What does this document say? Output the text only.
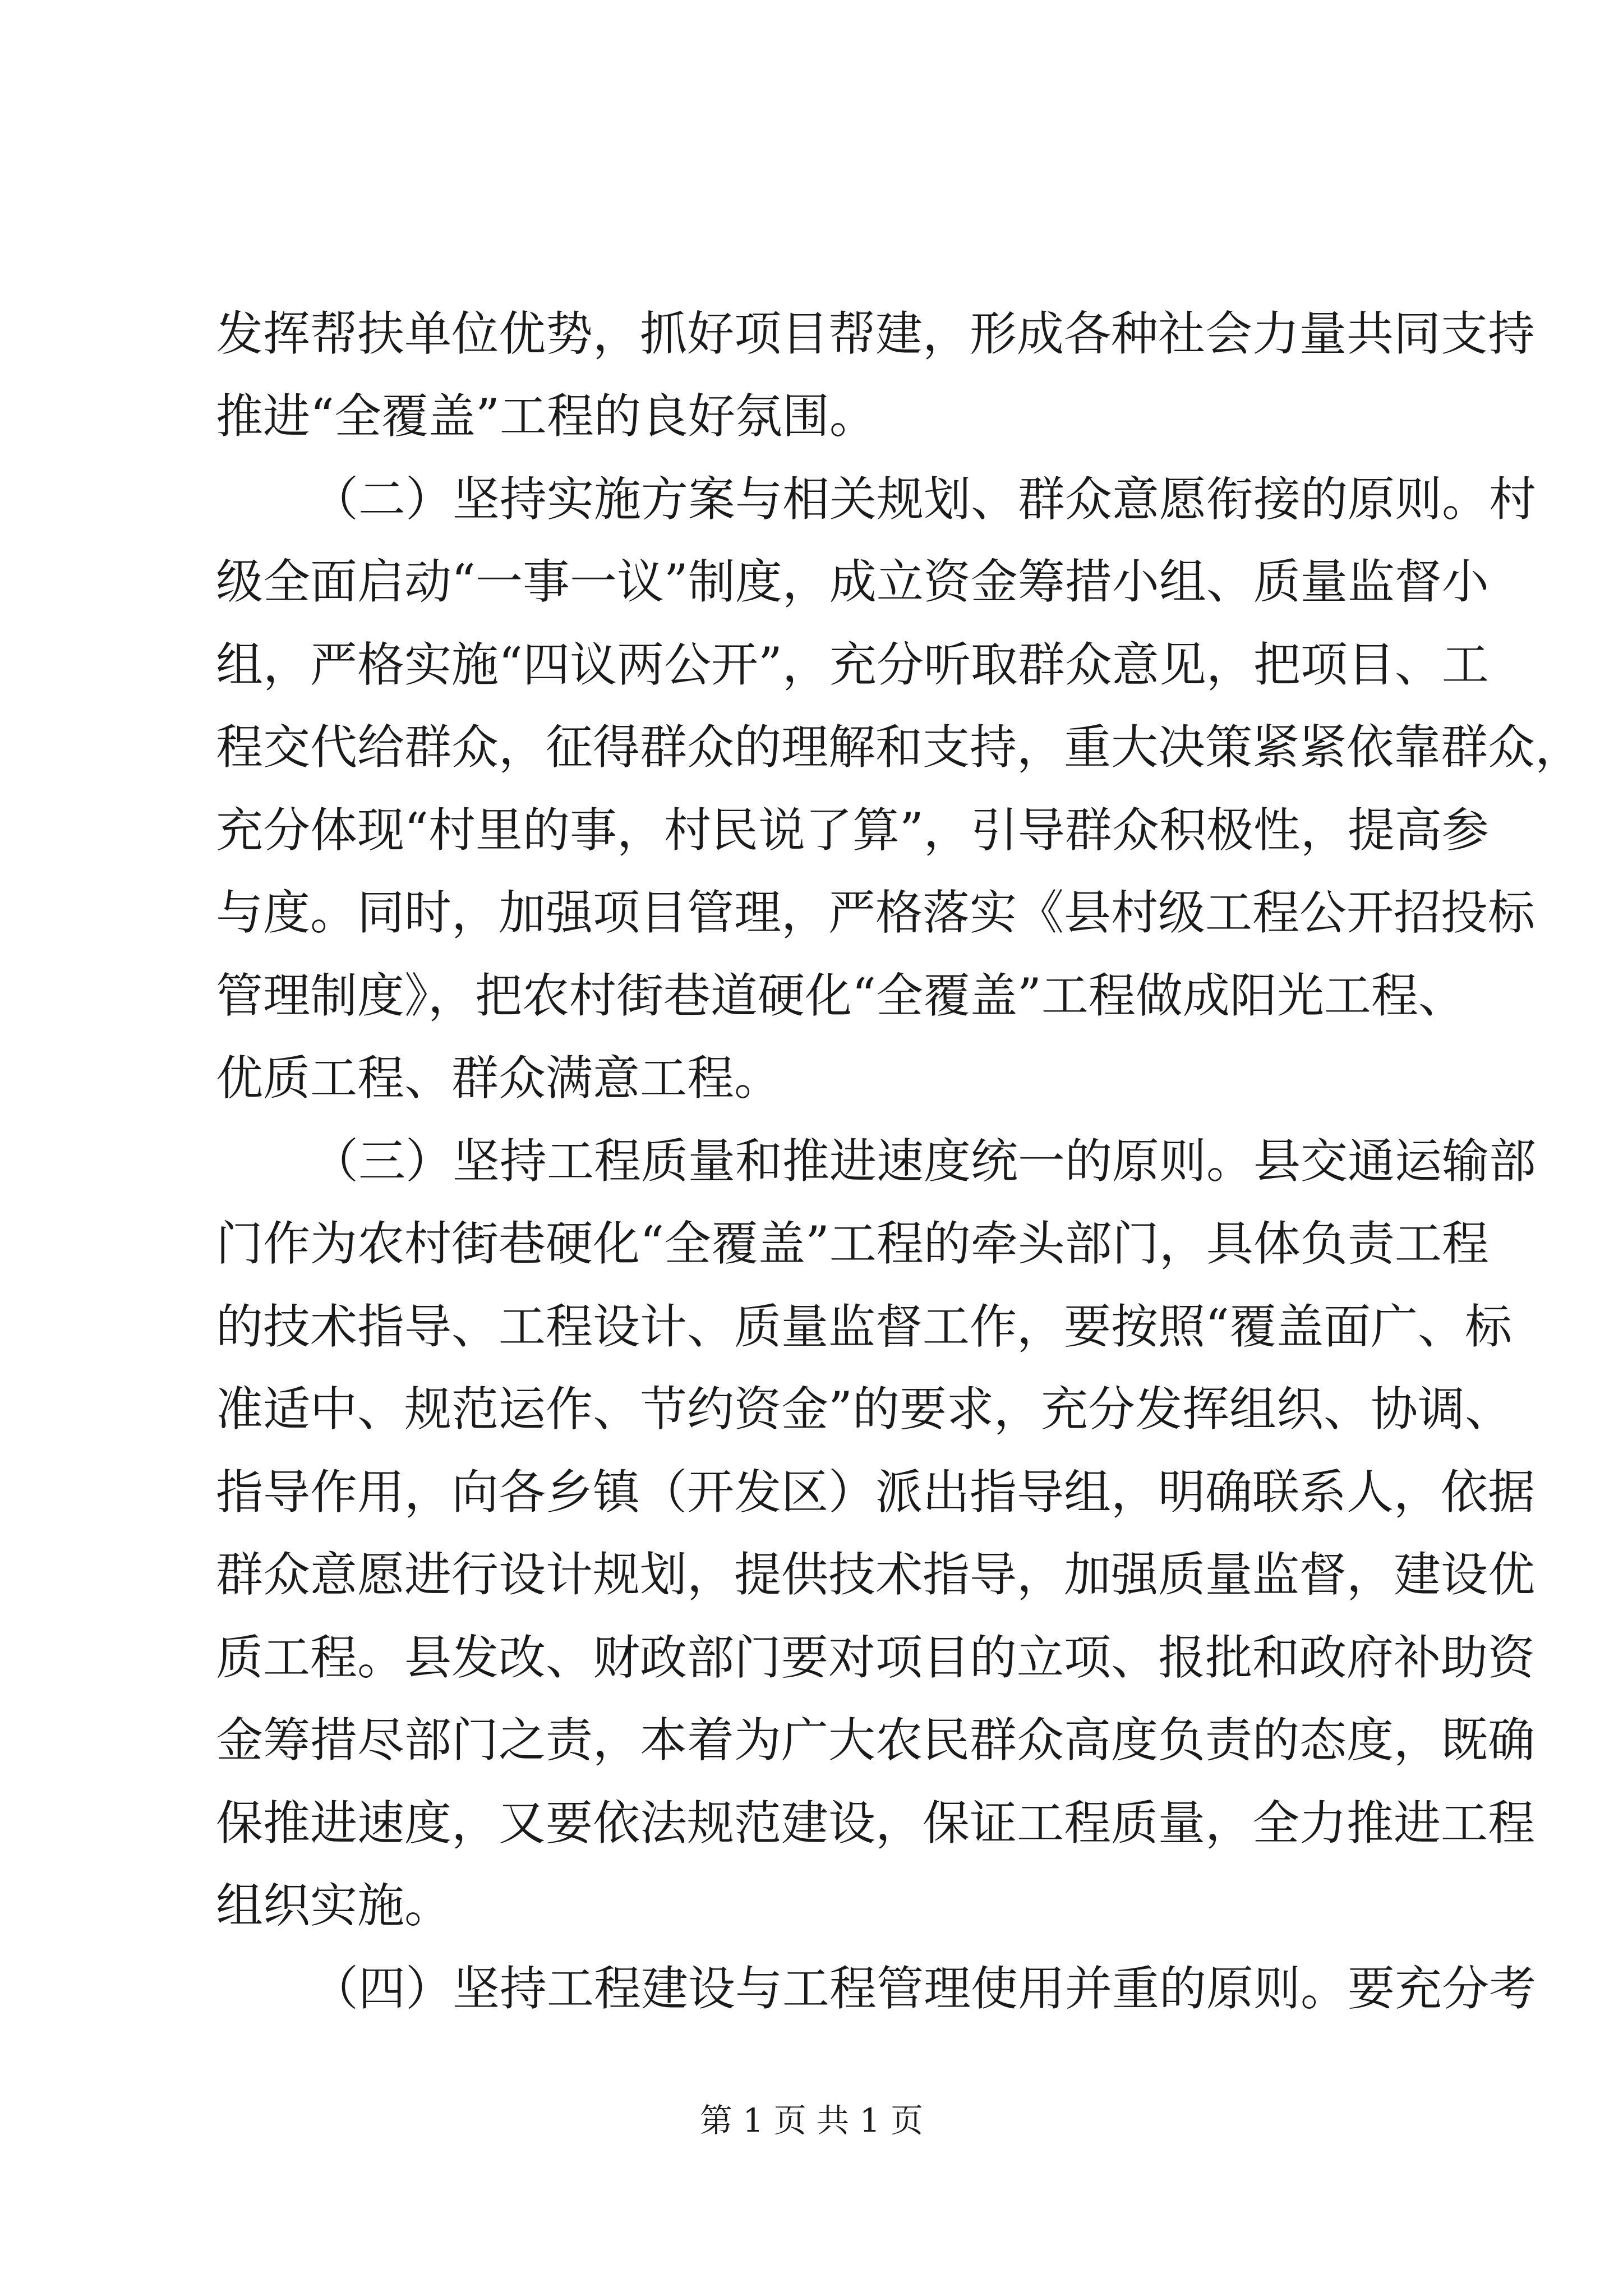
发挥帮扶单位优势，抓好项目帮建，形成各种社会力量共同支持
推进“全覆盖”工程的良好氛围。
（二）坚持实施方案与相关规划、群众意愿衔接的原则。村
级全面启动“一事一议”制度，成立资金筹措小组、质量监督小
组，严格实施“四议两公开”，充分听取群众意见，把项目、工
程交代给群众，征得群众的理解和支持，重大决策紧紧依靠群众，
充分体现“村里的事，村民说了算”，引导群众积极性，提高参
与度。同时，加强项目管理，严格落实《县村级工程公开招投标
管理制度》，把农村街巷道硬化“全覆盖”工程做成阳光工程、
优质工程、群众满意工程。
（三）坚持工程质量和推进速度统一的原则。县交通运输部
门作为农村街巷硬化“全覆盖”工程的牵头部门，具体负责工程
的技术指导、工程设计、质量监督工作，要按照“覆盖面广、标
准适中、规范运作、节约资金”的要求，充分发挥组织、协调、
指导作用，向各乡镇（开发区）派出指导组，明确联系人，依据
群众意愿进行设计规划，提供技术指导，加强质量监督，建设优
质工程。县发改、财政部门要对项目的立项、报批和政府补助资
金筹措尽部门之责，本着为广大农民群众高度负责的态度，既确
保推进速度，又要依法规范建设，保证工程质量，全力推进工程
组织实施。
（四）坚持工程建设与工程管理使用并重的原则。要充分考
第 1 页 共 1 页
